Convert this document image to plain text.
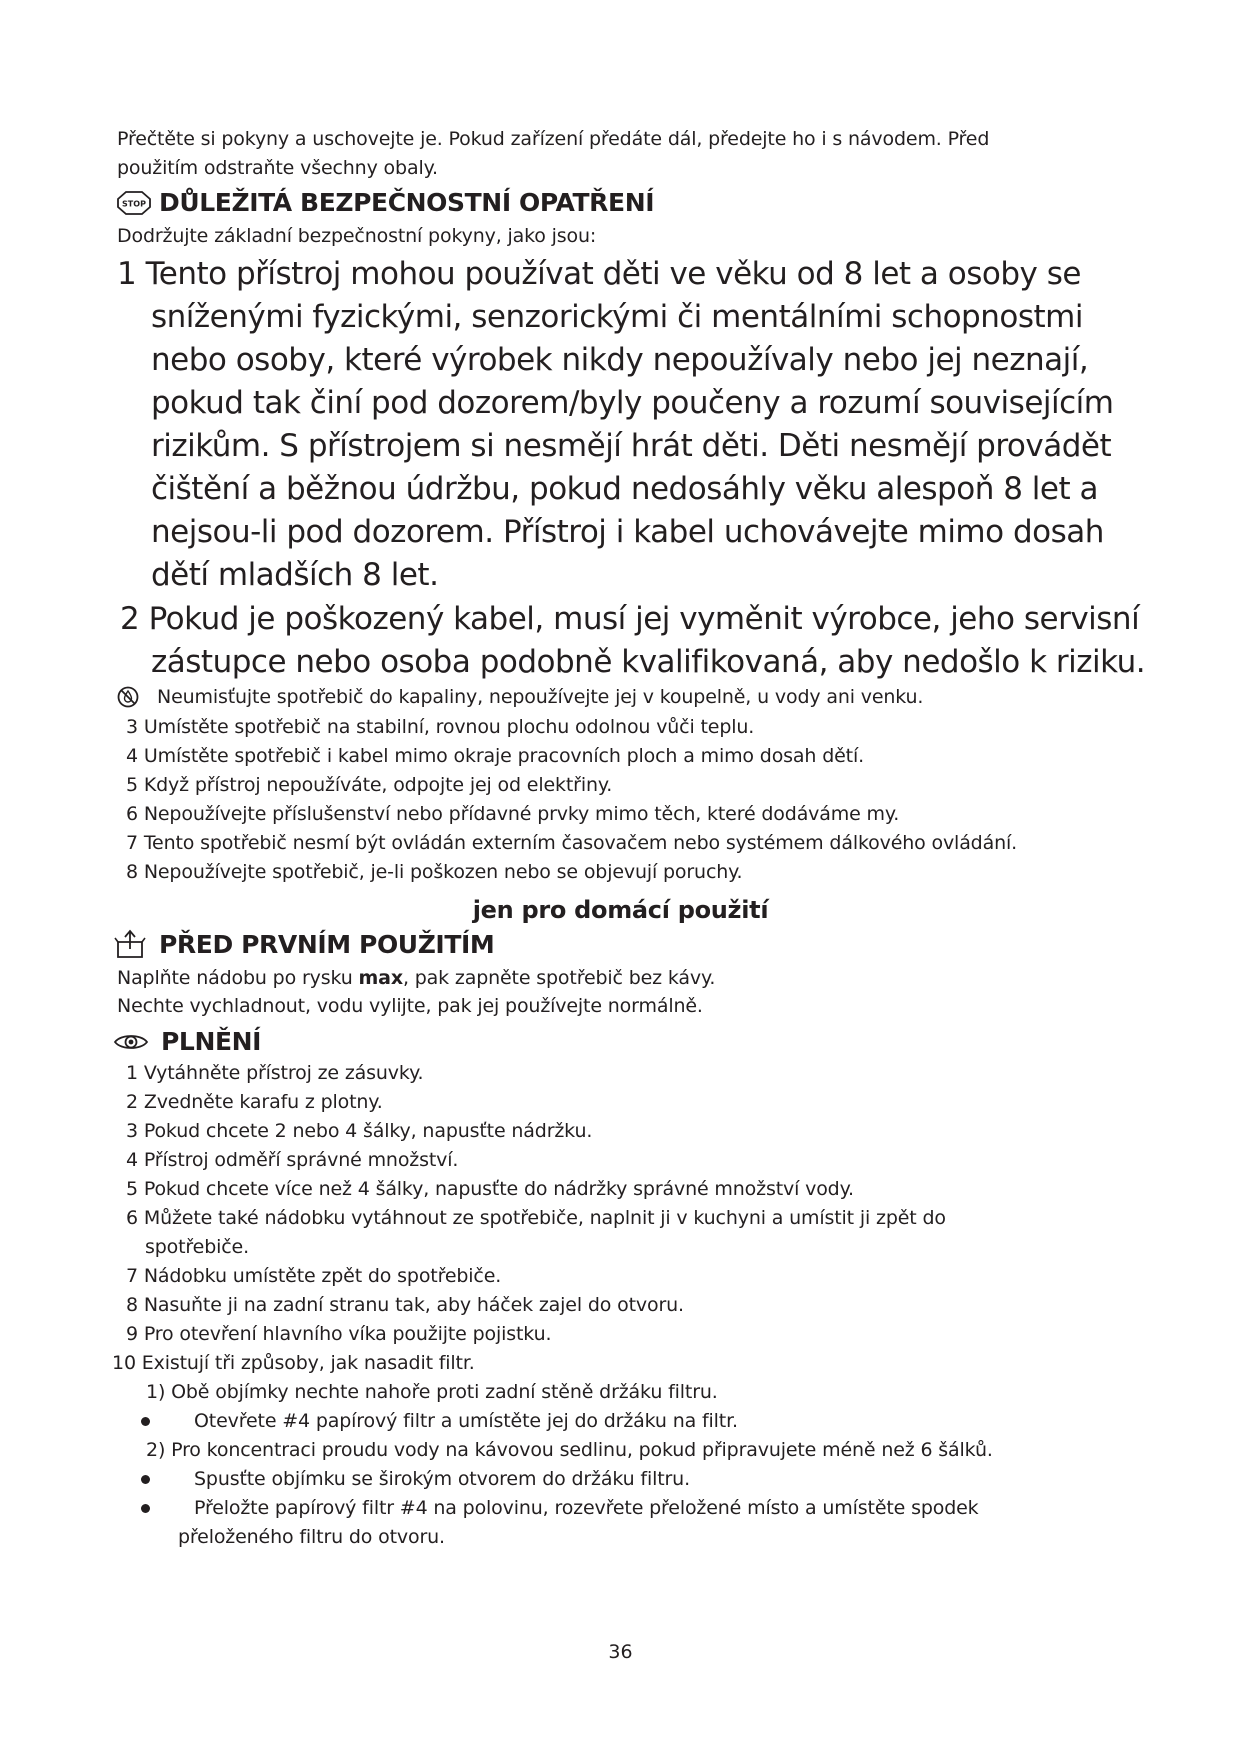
Přečtěte si pokyny a uschovejte je. Pokud zařízení předáte dál, předejte ho i s návodem. Před
použitím odstraňte všechny obaly.
STOP DŮLEŽITÁ BEZPEČNOSTNÍ OPATŘENÍ
Dodržujte základní bezpečnostní pokyny, jako jsou:
1 Tento přístroj mohou používat děti ve věku od 8 let a osoby se
sníženými fyzickými, senzorickými či mentálními schopnostmi
nebo osoby, které výrobek nikdy nepoužívaly nebo jej neznají,
pokud tak činí pod dozorem/byly poučeny a rozumí souvisejícím
rizikům. S přístrojem si nesmějí hrát děti. Děti nesmějí provádět
čištění a běžnou údržbu, pokud nedosáhly věku alespoň 8 let a
nejsou-li pod dozorem. Přístroj i kabel uchovávejte mimo dosah
dětí mladších 8 let.
2 Pokud je poškozený kabel, musí jej vyměnit výrobce, jeho servisní
zástupce nebo osoba podobně kvalifikovaná, aby nedošlo k riziku.
Neumisťujte spotřebič do kapaliny, nepoužívejte jej v koupelně, u vody ani venku.
3 Umístěte spotřebič na stabilní, rovnou plochu odolnou vůči teplu.
4 Umístěte spotřebič i kabel mimo okraje pracovních ploch a mimo dosah dětí.
5 Když přístroj nepoužíváte, odpojte jej od elektřiny.
6 Nepoužívejte příslušenství nebo přídavné prvky mimo těch, které dodáváme my.
7 Tento spotřebič nesmí být ovládán externím časovačem nebo systémem dálkového ovládání.
8 Nepoužívejte spotřebič, je-li poškozen nebo se objevují poruchy.
jen pro domácí použití
PŘED PRVNÍM POUŽITÍM
Naplňte nádobu po rysku max, pak zapněte spotřebič bez kávy.
Nechte vychladnout, vodu vylijte, pak jej používejte normálně.
PLNĚNÍ
1 Vytáhněte přístroj ze zásuvky.
2 Zvedněte karafu z plotny.
3 Pokud chcete 2 nebo 4 šálky, napusťte nádržku.
4 Přístroj odměří správné množství.
5 Pokud chcete více než 4 šálky, napusťte do nádržky správné množství vody.
6 Můžete také nádobku vytáhnout ze spotřebiče, naplnit ji v kuchyni a umístit ji zpět do
spotřebiče.
7 Nádobku umístěte zpět do spotřebiče.
8 Nasuňte ji na zadní stranu tak, aby háček zajel do otvoru.
9 Pro otevření hlavního víka použijte pojistku.
10 Existují tři způsoby, jak nasadit filtr.
1) Obě objímky nechte nahoře proti zadní stěně držáku filtru.
Otevřete #4 papírový filtr a umístěte jej do držáku na filtr.
2) Pro koncentraci proudu vody na kávovou sedlinu, pokud připravujete méně než 6 šálků.
Spusťte objímku se širokým otvorem do držáku filtru.
Přeložte papírový filtr #4 na polovinu, rozevřete přeložené místo a umístěte spodek
přeloženého filtru do otvoru.
36
